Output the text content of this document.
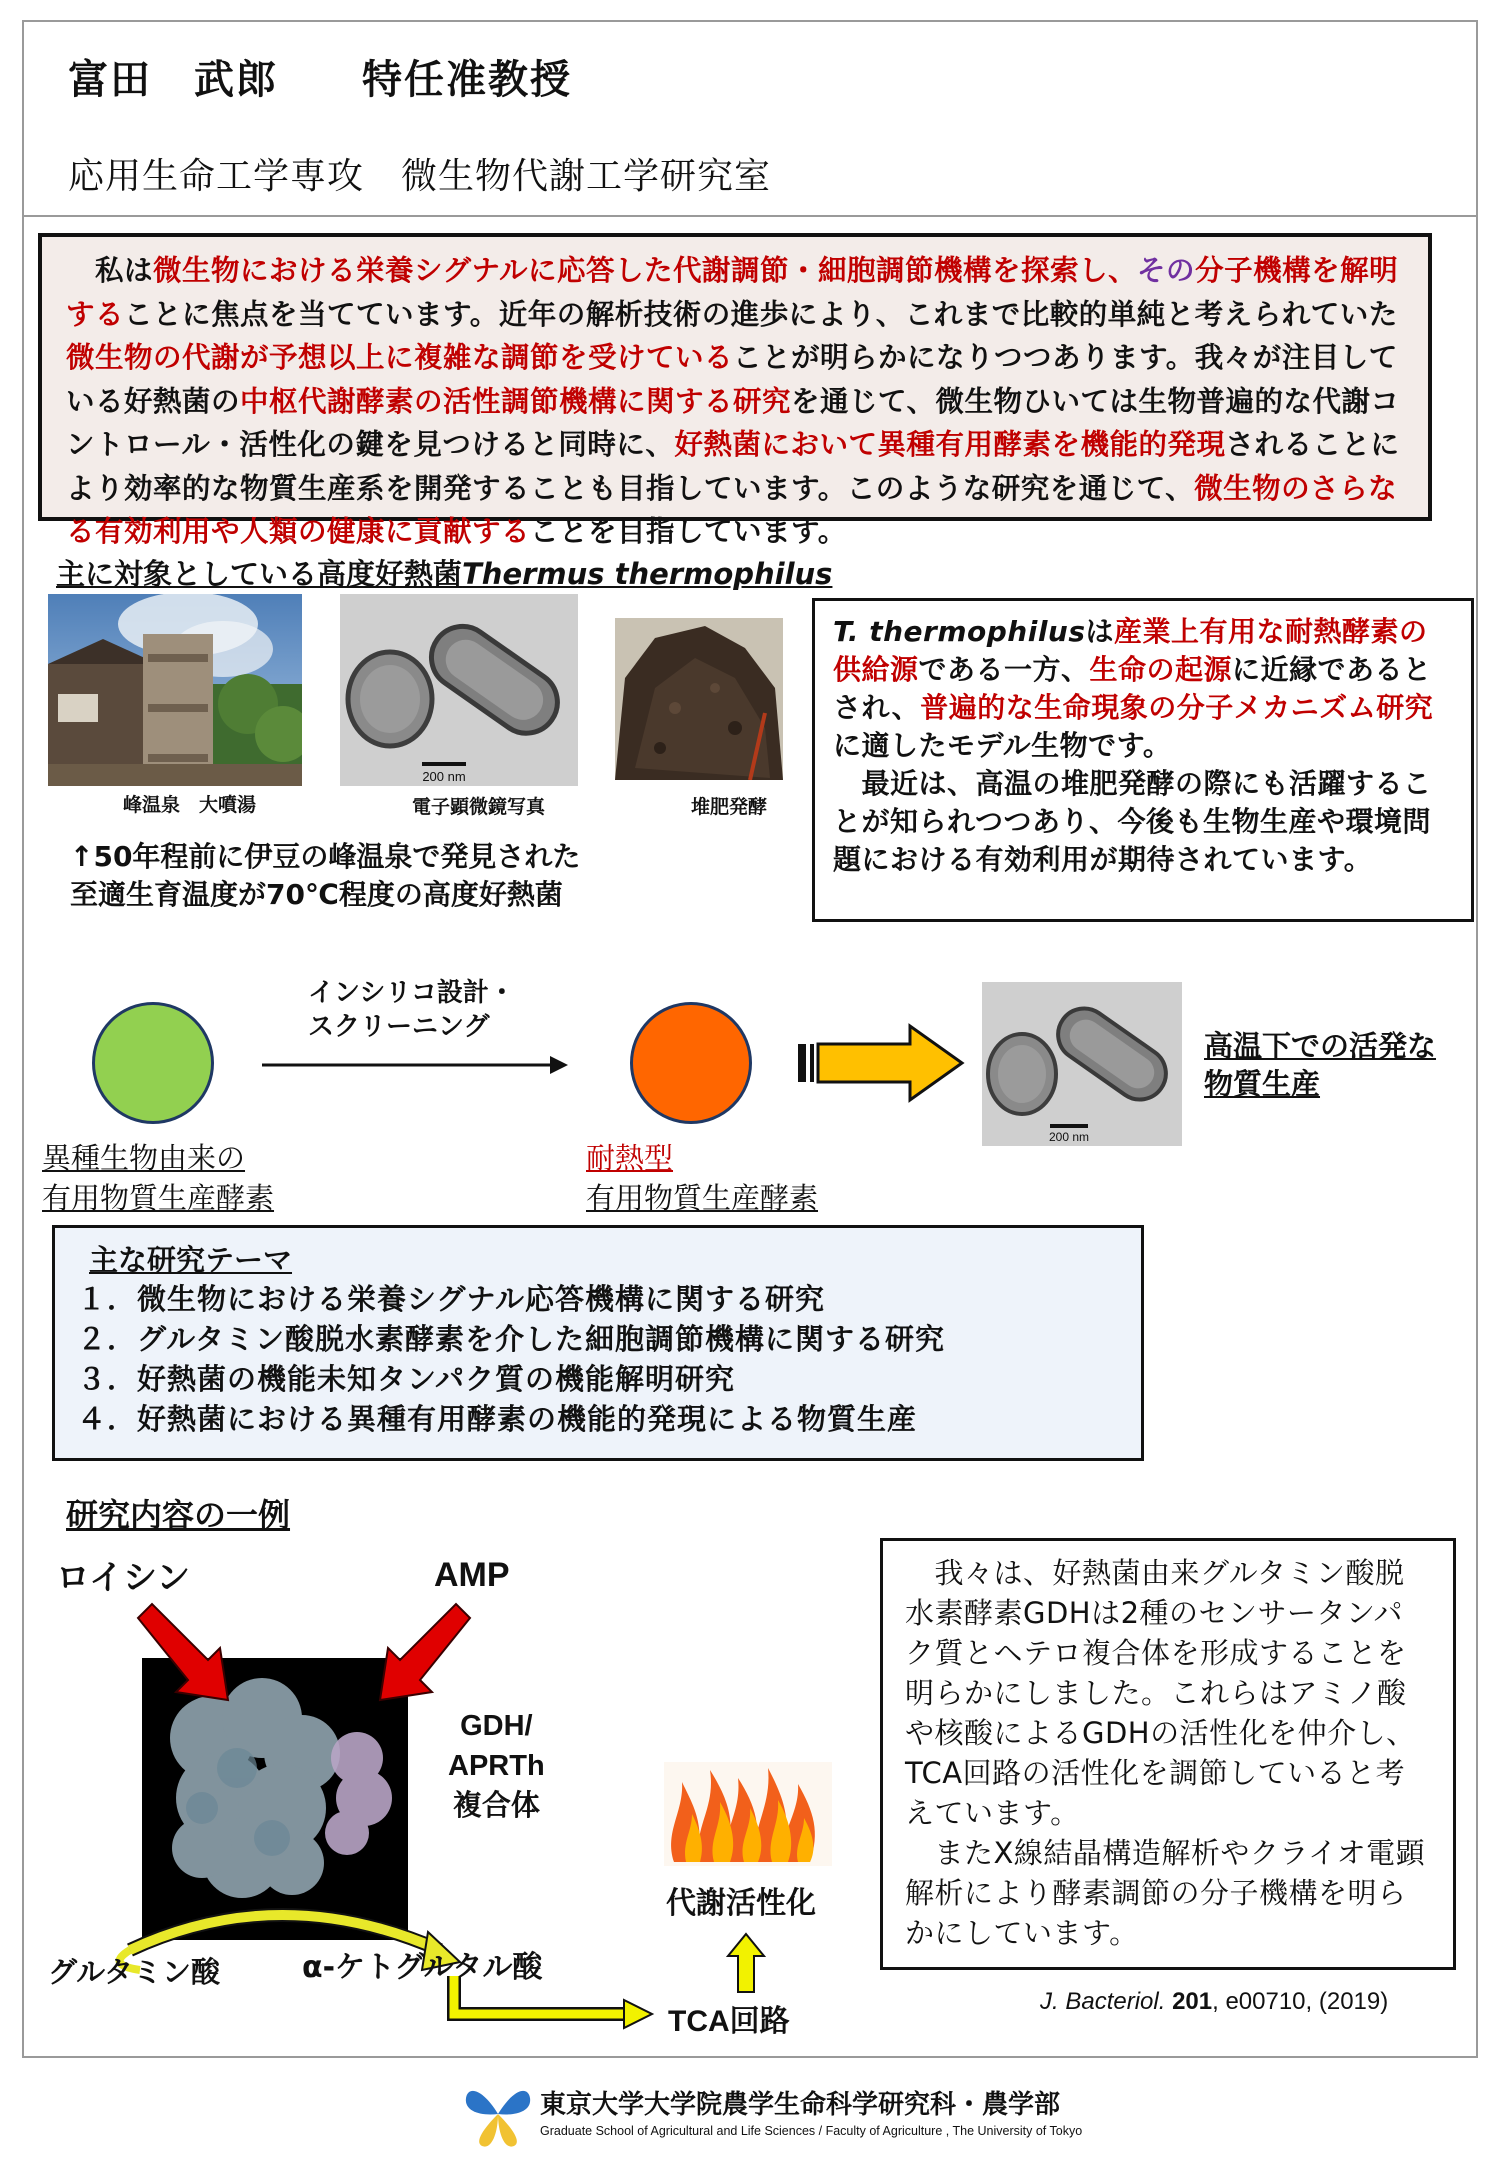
富田　武郎　　特任准教授
応用生命工学専攻　微生物代謝工学研究室
　私は微生物における栄養シグナルに応答した代謝調節・細胞調節機構を探索し、その分子機構を解明することに焦点を当てています。近年の解析技術の進歩により、これまで比較的単純と考えられていた微生物の代謝が予想以上に複雑な調節を受けていることが明らかになりつつあります。我々が注目している好熱菌の中枢代謝酵素の活性調節機構に関する研究を通じて、微生物ひいては生物普遍的な代謝コントロール・活性化の鍵を見つけると同時に、好熱菌において異種有用酵素を機能的発現されることにより効率的な物質生産系を開発することも目指しています。このような研究を通じて、微生物のさらなる有効利用や人類の健康に貢献することを目指しています。
主に対象としている高度好熱菌Thermus thermophilus
峰温泉　大噴湯
200 nm
電子顕微鏡写真	堆肥発酵
↑50年程前に伊豆の峰温泉で発見された至適生育温度が70℃程度の高度好熱菌
T. thermophilusは産業上有用な耐熱酵素の供給源である一方、生命の起源に近縁であるとされ、普遍的な生命現象の分子メカニズム研究に適したモデル生物です。
　最近は、高温の堆肥発酵の際にも活躍することが知られつつあり、今後も生物生産や環境問題における有効利用が期待されています。
インシリコ設計・
スクリーニング
200 nm
高温下での活発な
物質生産
異種生物由来の
有用物質生産酵素
耐熱型
有用物質生産酵素
主な研究テーマ
１．微生物における栄養シグナル応答機構に関する研究
２．グルタミン酸脱水素酵素を介した細胞調節機構に関する研究
３．好熱菌の機能未知タンパク質の機能解明研究
４．好熱菌における異種有用酵素の機能的発現による物質生産
研究内容の一例
ロイシン	AMP
GDH/
APRTh
複合体
グルタミン酸	α-ケトグルタル酸
TCA回路
代謝活性化
　我々は、好熱菌由来グルタミン酸脱水素酵素GDHは2種のセンサータンパク質とヘテロ複合体を形成することを明らかにしました。これらはアミノ酸や核酸によるGDHの活性化を仲介し、TCA回路の活性化を調節していると考えています。
　またX線結晶構造解析やクライオ電顕解析により酵素調節の分子機構を明らかにしています。
J. Bacteriol. 201, e00710, (2019)
東京大学大学院農学生命科学研究科・農学部
Graduate School of Agricultural and Life Sciences / Faculty of Agriculture , The University of Tokyo
